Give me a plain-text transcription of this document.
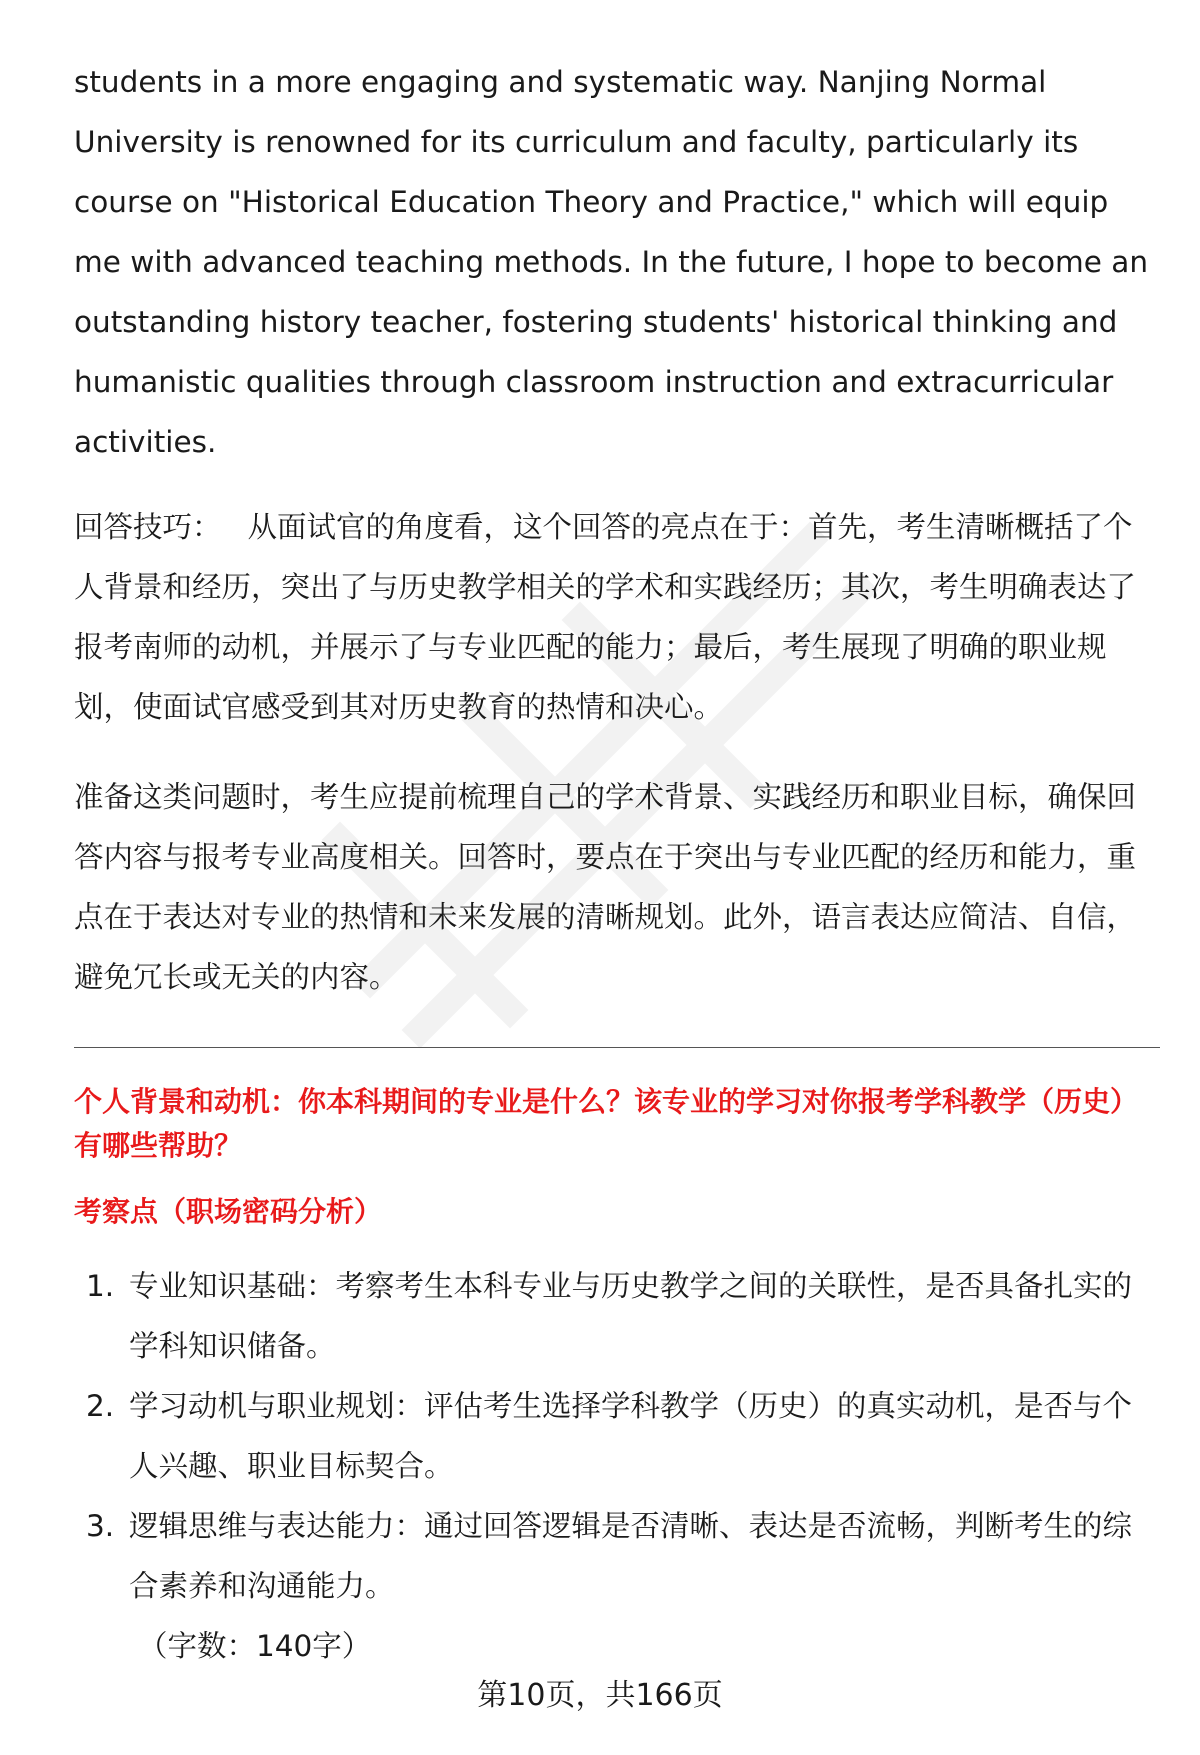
students in a more engaging and systematic way. Nanjing Normal University is renowned for its curriculum and faculty, particularly its course on "Historical Education Theory and Practice," which will equip me with advanced teaching methods. In the future, I hope to become an outstanding history teacher, fostering students' historical thinking and humanistic qualities through classroom instruction and extracurricular activities.

回答技巧： 从面试官的角度看，这个回答的亮点在于：首先，考生清晰概括了个人背景和经历，突出了与历史教学相关的学术和实践经历；其次，考生明确表达了报考南师的动机，并展示了与专业匹配的能力；最后，考生展现了明确的职业规划，使面试官感受到其对历史教育的热情和决心。

准备这类问题时，考生应提前梳理自己的学术背景、实践经历和职业目标，确保回答内容与报考专业高度相关。回答时，要点在于突出与专业匹配的经历和能力，重点在于表达对专业的热情和未来发展的清晰规划。此外，语言表达应简洁、自信，避免冗长或无关的内容。

个人背景和动机：你本科期间的专业是什么？该专业的学习对你报考学科教学（历史）有哪些帮助？
考察点（职场密码分析）
1. 专业知识基础：考察考生本科专业与历史教学之间的关联性，是否具备扎实的学科知识储备。
2. 学习动机与职业规划：评估考生选择学科教学（历史）的真实动机，是否与个人兴趣、职业目标契合。
3. 逻辑思维与表达能力：通过回答逻辑是否清晰、表达是否流畅，判断考生的综合素养和沟通能力。
（字数：140字）
第10页，共166页
